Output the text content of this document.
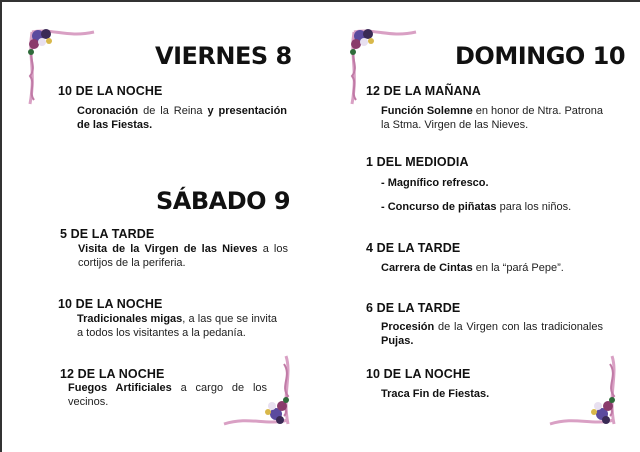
VIERNES 8

10 DE LA NOCHE

Coronación de la Reina y presentación de las Fiestas.

SÁBADO 9

5 DE LA TARDE

Visita de la Virgen de las Nieves a los cortijos de la periferia.

10 DE LA NOCHE

Tradicionales migas, a las que se invita a todos los visitantes a la pedanía.

12 DE LA NOCHE

Fuegos Artificiales a cargo de los vecinos.

DOMINGO 10

12 DE LA MAÑANA

Función Solemne en honor de Ntra. Patrona la Stma. Virgen de las Nieves.

1 DEL MEDIODIA

- Magnífico refresco.

- Concurso de piñatas para los niños.

4 DE LA TARDE

Carrera de Cintas en la “pará Pepe”.

6 DE LA TARDE

Procesión de la Virgen con las tradicionales Pujas.

10 DE LA NOCHE

Traca Fin de Fiestas.
